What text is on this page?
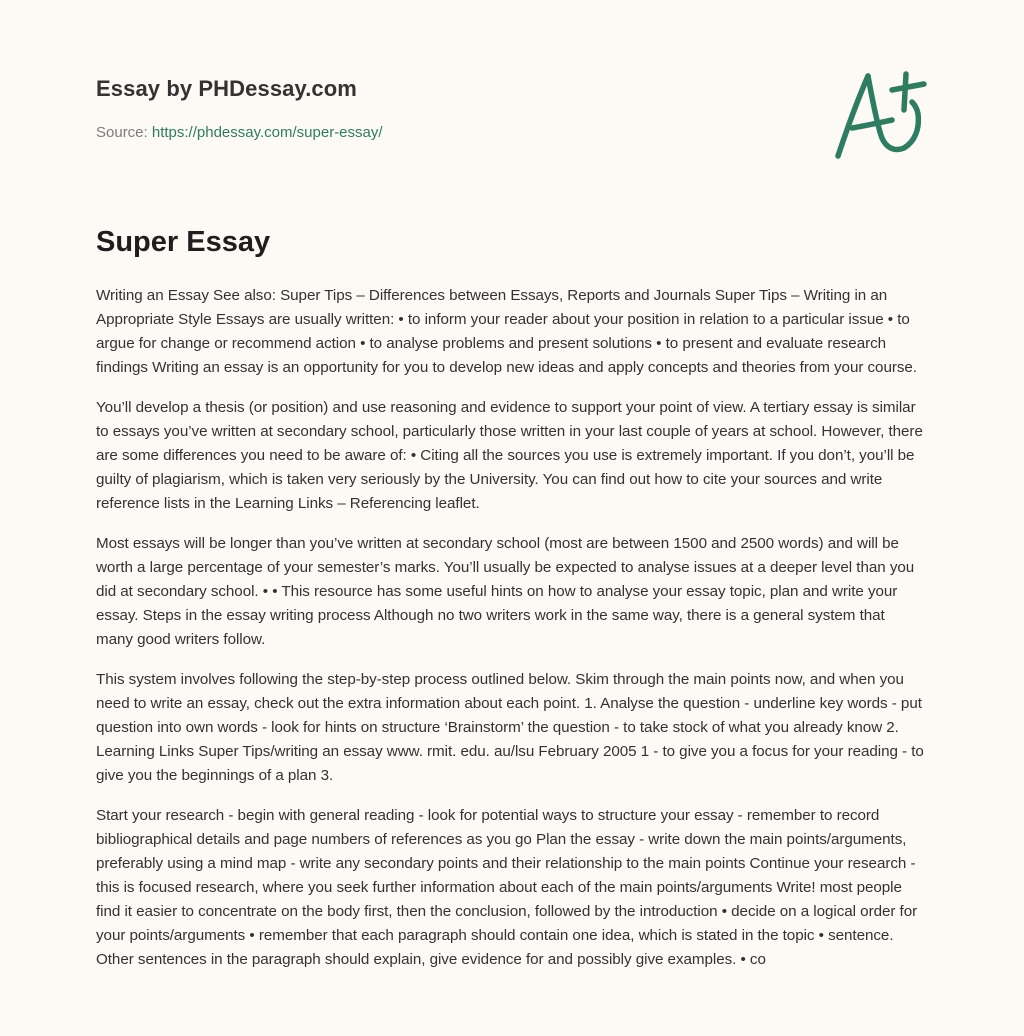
Essay by PHDessay.com
Source: https://phdessay.com/super-essay/
Super Essay

Writing an Essay See also: Super Tips – Differences between Essays, Reports and Journals Super Tips – Writing in an Appropriate Style Essays are usually written: • to inform your reader about your position in relation to a particular issue • to argue for change or recommend action • to analyse problems and present solutions • to present and evaluate research findings Writing an essay is an opportunity for you to develop new ideas and apply concepts and theories from your course.

You’ll develop a thesis (or position) and use reasoning and evidence to support your point of view. A tertiary essay is similar to essays you’ve written at secondary school, particularly those written in your last couple of years at school. However, there are some differences you need to be aware of: • Citing all the sources you use is extremely important. If you don’t, you’ll be guilty of plagiarism, which is taken very seriously by the University. You can find out how to cite your sources and write reference lists in the Learning Links – Referencing leaflet.

Most essays will be longer than you’ve written at secondary school (most are between 1500 and 2500 words) and will be worth a large percentage of your semester’s marks. You’ll usually be expected to analyse issues at a deeper level than you did at secondary school. • • This resource has some useful hints on how to analyse your essay topic, plan and write your essay. Steps in the essay writing process Although no two writers work in the same way, there is a general system that many good writers follow.

This system involves following the step-by-step process outlined below. Skim through the main points now, and when you need to write an essay, check out the extra information about each point. 1. Analyse the question - underline key words - put question into own words - look for hints on structure ‘Brainstorm’ the question - to take stock of what you already know 2. Learning Links Super Tips/writing an essay www. rmit. edu. au/lsu February 2005 1 - to give you a focus for your reading - to give you the beginnings of a plan 3.

Start your research - begin with general reading - look for potential ways to structure your essay - remember to record bibliographical details and page numbers of references as you go Plan the essay - write down the main points/arguments, preferably using a mind map - write any secondary points and their relationship to the main points Continue your research - this is focused research, where you seek further information about each of the main points/arguments Write! most people find it easier to concentrate on the body first, then the conclusion, followed by the introduction • decide on a logical order for your points/arguments • remember that each paragraph should contain one idea, which is stated in the topic • sentence. Other sentences in the paragraph should explain, give evidence for and possibly give examples. • co
